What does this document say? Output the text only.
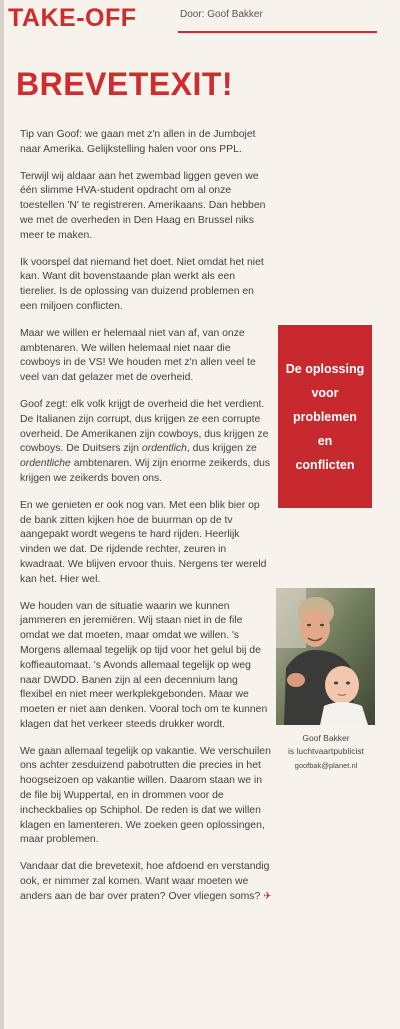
TAKE-OFF	Door: Goof Bakker
BREVETEXIT!

Tip van Goof: we gaan met z'n allen in de Jumbojet naar Amerika. Gelijkstelling halen voor ons PPL.

Terwijl wij aldaar aan het zwembad liggen geven we één slimme HVA-student opdracht om al onze toestellen 'N' te registreren. Amerikaans. Dan hebben we met de overheden in Den Haag en Brussel niks meer te maken.

Ik voorspel dat niemand het doet. Niet omdat het niet kan. Want dit bovenstaande plan werkt als een tierelier. Is de oplossing van duizend problemen en een miljoen conflicten.

Maar we willen er helemaal niet van af, van onze ambtenaren. We willen helemaal niet naar die cowboys in de VS! We houden met z'n allen veel te veel van dat gelazer met de overheid.

Goof zegt: elk volk krijgt de overheid die het verdient. De Italianen zijn corrupt, dus krijgen ze een corrupte overheid. De Amerikanen zijn cowboys, dus krijgen ze cowboys. De Duitsers zijn ordentlich, dus krijgen ze ordentliche ambtenaren. Wij zijn enorme zeikerds, dus krijgen we zeikerds boven ons.

En we genieten er ook nog van. Met een blik bier op de bank zitten kijken hoe de buurman op de tv aangepakt wordt wegens te hard rijden. Heerlijk vinden we dat. De rijdende rechter, zeuren in kwadraat. We blijven ervoor thuis. Nergens ter wereld kan het. Hier wel.

We houden van de situatie waarin we kunnen jammeren en jeremiëren. Wij staan niet in de file omdat we dat moeten, maar omdat we willen. 's Morgens allemaal tegelijk op tijd voor het gelul bij de koffieautomaat. 's Avonds allemaal tegelijk op weg naar DWDD. Banen zijn al een decennium lang flexibel en niet meer werkplekgebonden. Maar we moeten er niet aan denken. Vooral toch om te kunnen klagen dat het verkeer steeds drukker wordt.

We gaan allemaal tegelijk op vakantie. We verschuilen ons achter zesduizend pabotrutten die precies in het hoogseizoen op vakantie willen. Daarom staan we in de file bij Wuppertal, en in drommen voor de incheckbalies op Schiphol. De reden is dat we willen klagen en lamenteren. We zoeken geen oplossingen, maar problemen.

Vandaar dat die brevetexit, hoe afdoend en verstandig ook, er nimmer zal komen. Want waar moeten we anders aan de bar over praten? Over vliegen soms? ✈

De oplossing
voor
problemen
en
conflicten
Goof Bakker
is luchtvaartpublicist
goofbak@planet.nl
